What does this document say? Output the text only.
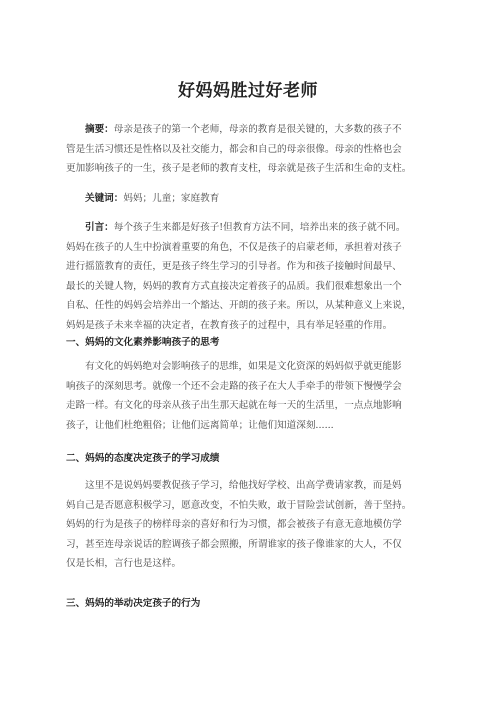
好妈妈胜过好老师
摘要：母亲是孩子的第一个老师，母亲的教育是很关键的，大多数的孩子不
管是生活习惯还是性格以及社交能力，都会和自己的母亲很像。母亲的性格也会
更加影响孩子的一生，孩子是老师的教育支柱，母亲就是孩子生活和生命的支柱。
关键词：妈妈；儿童；家庭教育
引言：每个孩子生来都是好孩子!但教育方法不同，培养出来的孩子就不同。
妈妈在孩子的人生中扮演着重要的角色，不仅是孩子的启蒙老师，承担着对孩子
进行摇篮教育的责任，更是孩子终生学习的引导者。作为和孩子接触时间最早、
最长的关键人物，妈妈的教育方式直接决定着孩子的品质。我们很难想象出一个
自私、任性的妈妈会培养出一个豁达、开朗的孩子来。所以，从某种意义上来说，
妈妈是孩子未来幸福的决定者，在教育孩子的过程中，具有举足轻重的作用。
一、妈妈的文化素养影响孩子的思考
有文化的妈妈绝对会影响孩子的思维，如果是文化资深的妈妈似乎就更能影
响孩子的深刻思考。就像一个还不会走路的孩子在大人手牵手的带领下慢慢学会
走路一样。有文化的母亲从孩子出生那天起就在每一天的生活里，一点点地影响
孩子，让他们杜绝粗俗；让他们远离简单；让他们知道深刻......
二、妈妈的态度决定孩子的学习成绩
这里不是说妈妈要教促孩子学习，给他找好学校、出高学费请家教，而是妈
妈自己是否愿意积极学习，愿意改变，不怕失败，敢于冒险尝试创新，善于坚持。
妈妈的行为是孩子的榜样母亲的喜好和行为习惯，都会被孩子有意无意地模仿学
习，甚至连母亲说话的腔调孩子都会照搬，所谓谁家的孩子像谁家的大人，不仅
仅是长相，言行也是这样。
三、妈妈的举动决定孩子的行为
